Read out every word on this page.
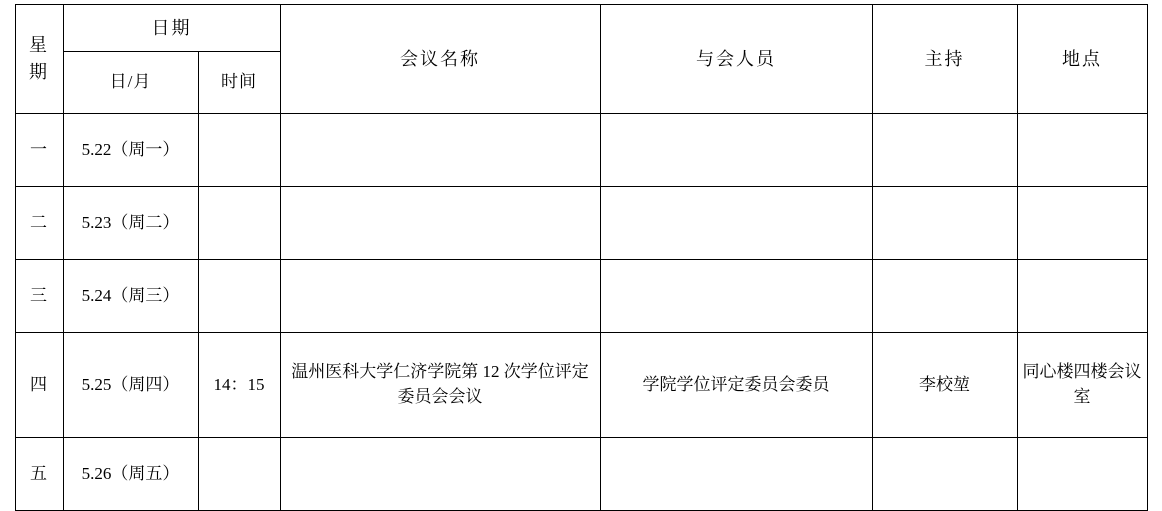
星期	日期		会议名称	与会人员	主持	地点
	日/月	时间				
一	5.22（周一）					
二	5.23（周二）					
三	5.24（周三）					
四	5.25（周四）	14：15	温州医科大学仁济学院第 12 次学位评定委员会会议	学院学位评定委员会委员	李校堃	同心楼四楼会议室
五	5.26（周五）					
